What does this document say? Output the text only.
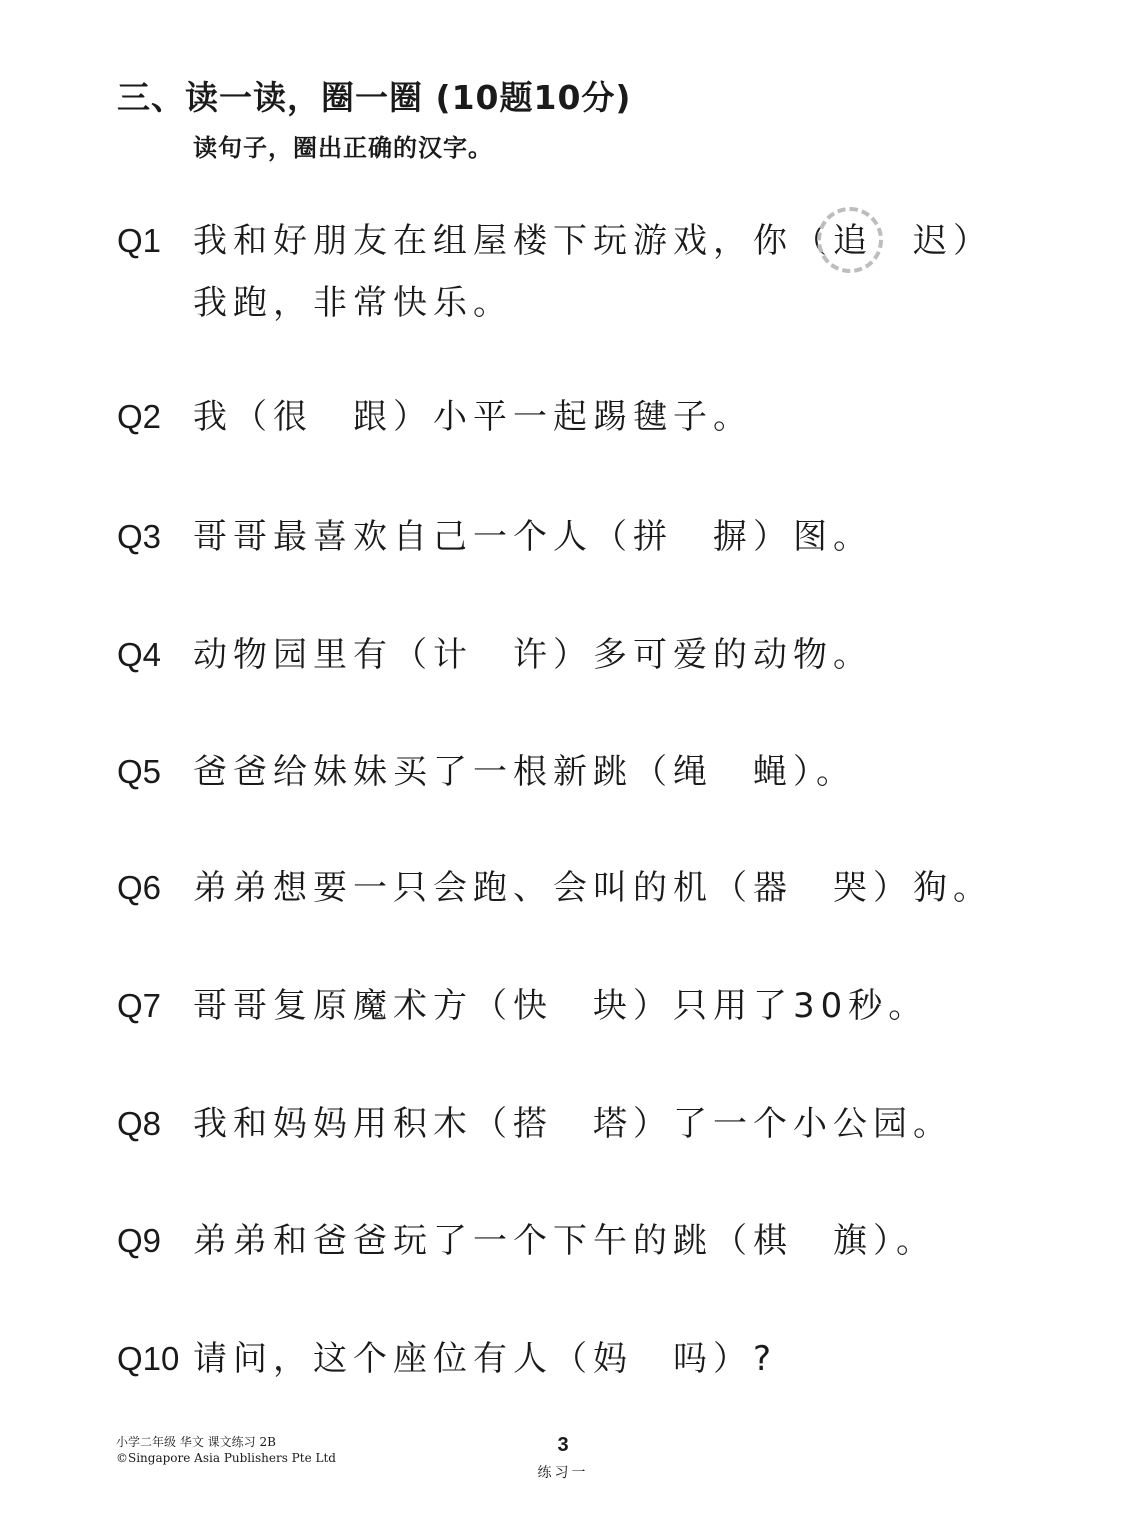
三、读一读，圈一圈 (10题10分)

读句子，圈出正确的汉字。

Q1 我和好朋友在组屋楼下玩游戏，你（
追 迟）
我跑，非常快乐。
Q2 我（很 跟）小平一起踢毽子。
Q3 哥哥最喜欢自己一个人（拼 摒）图。
Q4 动物园里有（计 许）多可爱的动物。
Q5 爸爸给妹妹买了一根新跳（绳 蝇）。
Q6 弟弟想要一只会跑、会叫的机（器 哭）狗。
Q7 哥哥复原魔术方（快 块）只用了30秒。
Q8 我和妈妈用积木（搭 塔）了一个小公园。
Q9 弟弟和爸爸玩了一个下午的跳（棋 旗）。
Q10 请问，这个座位有人（妈 吗）?
小学二年级 华文 课文练习 2B
©Singapore Asia Publishers Pte Ltd
3
练习一
